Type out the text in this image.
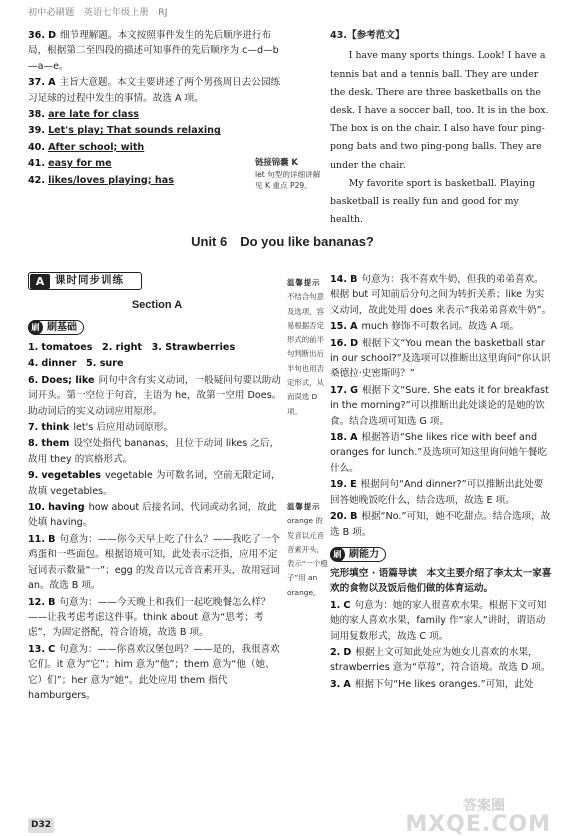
初中必刷题　英语七年级上册　RJ
36. D 细节理解题。本文按照事件发生的先后顺序进行布局，根据第二至四段的描述可知事件的先后顺序为 c—d—b—a—e。
37. A 主旨大意题。本文主要讲述了两个男孩周日去公园练习足球的过程中发生的事情。故选 A 项。
38. are late for class
39. Let's play; That sounds relaxing
40. After school; with
41. easy for me
42. likes/loves playing; has
链接锦囊 K
let 句型的详细讲解见 K 重点 P29。
43.【参考范文】

I have many sports things. Look! I have a tennis bat and a tennis ball. They are under the desk. There are three basketballs on the desk. I have a soccer ball, too. It is in the box. The box is on the chair. I also have four ping-pong bats and two ping-pong balls. They are under the chair.

My favorite sport is basketball. Playing basketball is really fun and good for my health.

Unit 6　Do you like bananas?
A	课时同步训练
Section A
刷 刷基础
1. tomatoes　2. right　3. Strawberries
4. dinner　5. sure
6. Does; like 问句中含有实义动词，一般疑问句要以助动词开头。第一空位于句首，主语为 he，故第一空用 Does。助动词后的实义动词应用原形。
7. think let's 后应用动词原形。
8. them 设空处指代 bananas，且位于动词 likes 之后，故用 they 的宾格形式。
9. vegetables vegetable 为可数名词，空前无限定词，故填 vegetables。
10. having how about 后接名词、代词或动名词，故此处填 having。
11. B 句意为：——你今天早上吃了什么？——我吃了一个鸡蛋和一些面包。根据语境可知，此处表示泛指，应用不定冠词表示数量“一”；egg 的发音以元音音素开头，故用冠词 an。故选 B 项。
12. B 句意为：——今天晚上和我们一起吃晚餐怎么样？——让我考虑考虑这件事。think about 意为“思考；考虑”，为固定搭配，符合语境，故选 B 项。
13. C 句意为：——你喜欢汉堡包吗？——是的，我很喜欢它们。it 意为“它”；him 意为“他”；them 意为“他（她、它）们”；her 意为“她”。此处应用 them 指代 hamburgers。
温馨提示
不结合句意及选项，容易根据否定形式的前半句判断出后半句也用否定形式，从而误选 D 项。
温馨提示
orange 的发音以元音音素开头，表示“一个橙子”用 an orange。
14. B 句意为：我不喜欢牛奶，但我的弟弟喜欢。根据 but 可知前后分句之间为转折关系；like 为实义动词，故此处用 does 来表示“我弟弟喜欢牛奶”。
15. A much 修饰不可数名词。故选 A 项。
16. D 根据下文“You mean the basketball star in our school?”及选项可以推断出这里询问“你认识桑德拉·史密斯吗？”
17. G 根据下文“Sure. She eats it for breakfast in the morning?”可以推断出此处谈论的是她的饮食。结合选项可知选 G 项。
18. A 根据答语“She likes rice with beef and oranges for lunch.”及选项可知这里询问她午餐吃什么。
19. E 根据问句“And dinner?”可以推断出此处要回答她晚饭吃什么，结合选项，故选 E 项。
20. B 根据“No.”可知，她不吃甜点。结合选项，故选 B 项。
刷 刷能力
完形填空 · 语篇导读　本文主要介绍了李太太一家喜欢的食物以及饭后他们做的体育运动。
1. C 句意为：她的家人很喜欢水果。根据下文可知她的家人喜欢水果，family 作“家人”讲时，谓语动词用复数形式，故选 C 项。
2. D 根据上文可知此处应为她女儿喜欢的水果，strawberries 意为“草莓”，符合语境。故选 D 项。
3. A 根据下句“He likes oranges.”可知，此处
D32
答案圈
MXQE.COM
